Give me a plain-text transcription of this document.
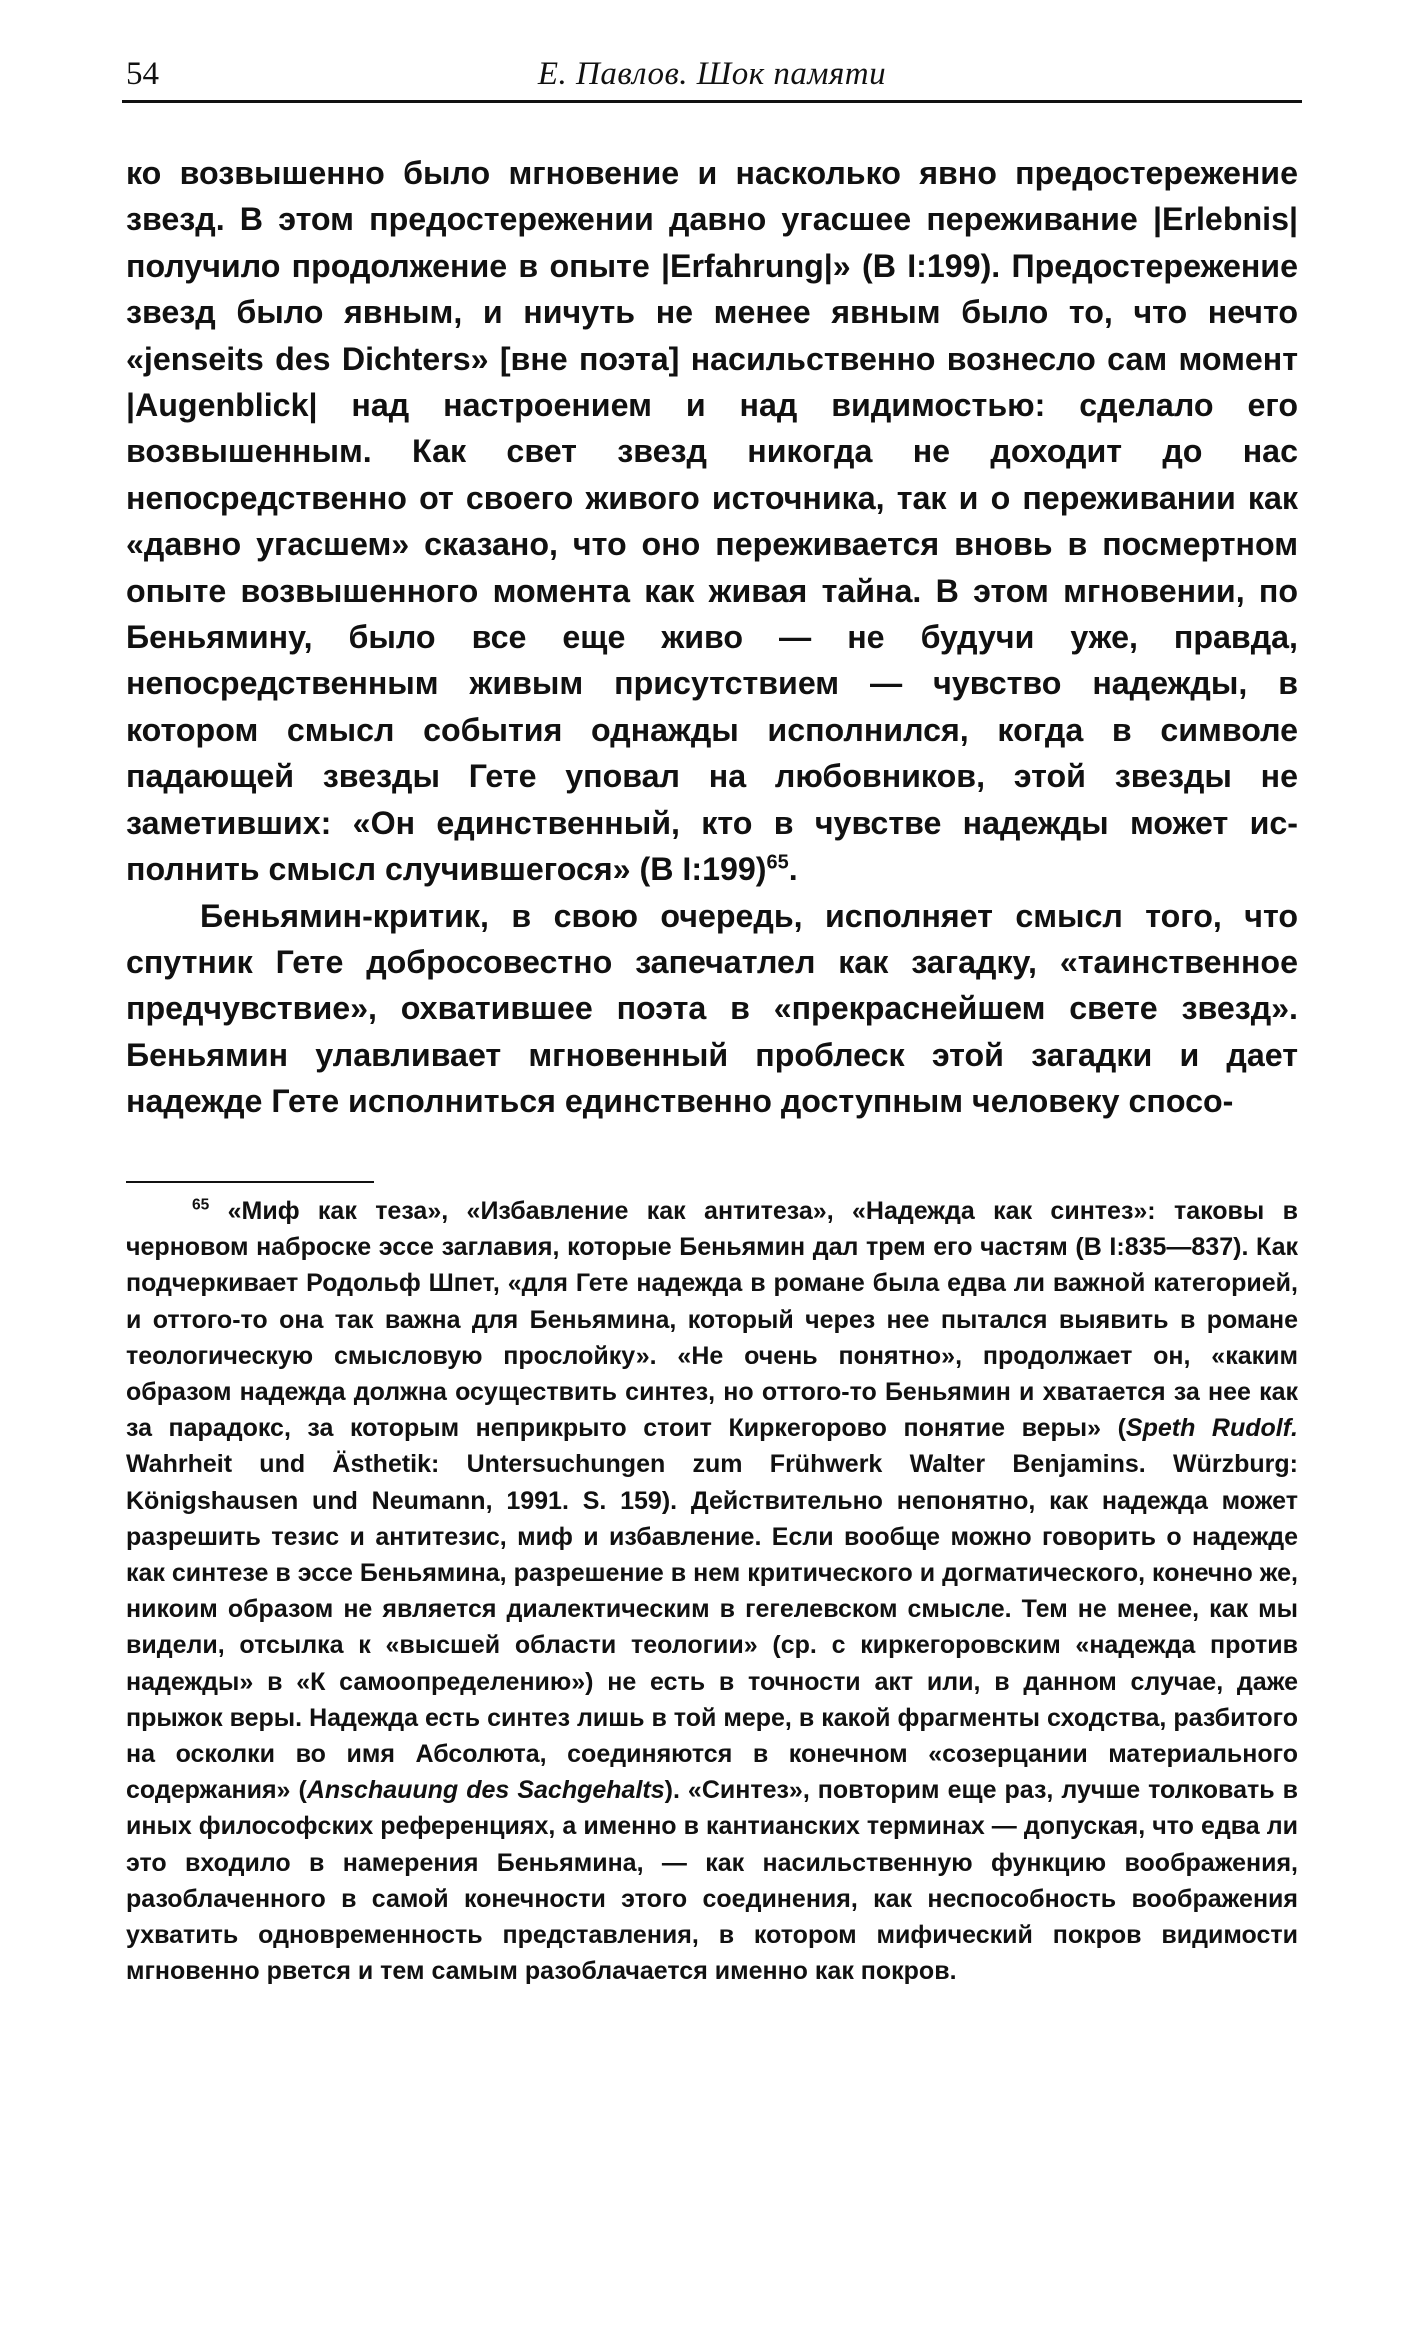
54	Е. Павлов. Шок памяти

ко возвышенно было мгновение и насколько явно предостережение звезд. В этом предостережении давно угасшее переживание |Erlebnis| получило продолжение в опыте |Erfahrung|» (В I:199). Предостережение звезд было явным, и ничуть не менее явным было то, что нечто «jenseits des Dichters» [вне поэта] насильственно вознесло сам момент |Augenblick| над настроением и над видимостью: сделало его возвышенным. Как свет звезд никогда не доходит до нас непосредственно от своего живого источника, так и о переживании как «давно угасшем» сказано, что оно переживается вновь в посмертном опыте возвышенного момента как живая тайна. В этом мгновении, по Беньямину, было все еще живо — не будучи уже, правда, непосредственным живым присутствием — чувство надежды, в котором смысл события однажды исполнился, когда в символе падающей звезды Гете уповал на любовников, этой звезды не заметивших: «Он единственный, кто в чувстве надежды может исполнить смысл случившегося» (В I:199)$^{65}$.

Беньямин-критик, в свою очередь, исполняет смысл того, что спутник Гете добросовестно запечатлел как загадку, «таинственное предчувствие», охватившее поэта в «прекраснейшем свете звезд». Беньямин улавливает мгновенный проблеск этой загадки и дает надежде Гете исполниться единственно доступным человеку спосо-

$^{65}$ «Миф как теза», «Избавление как антитеза», «Надежда как синтез»: таковы в черновом наброске эссе заглавия, которые Беньямин дал трем его частям (В I:835—837). Как подчеркивает Родольф Шпет, «для Гете надежда в романе была едва ли важной категорией, и оттого-то она так важна для Беньямина, который через нее пытался выявить в романе теологическую смысловую прослойку». «Не очень понятно», продолжает он, «каким образом надежда должна осуществить синтез, но оттого-то Беньямин и хватается за нее как за парадокс, за которым неприкрыто стоит Киркегорово понятие веры» (Speth Rudolf. Wahrheit und Ästhetik: Untersuchungen zum Frühwerk Walter Benjamins. Würzburg: Königshausen und Neumann, 1991. S. 159). Действительно непонятно, как надежда может разрешить тезис и антитезис, миф и избавление. Если вообще можно говорить о надежде как синтезе в эссе Беньямина, разрешение в нем критического и догматического, конечно же, никоим образом не является диалектическим в гегелевском смысле. Тем не менее, как мы видели, отсылка к «высшей области теологии» (ср. с киркегоровским «надежда против надежды» в «К самоопределению») не есть в точности акт или, в данном случае, даже прыжок веры. Надежда есть синтез лишь в той мере, в какой фрагменты сходства, разбитого на осколки во имя Абсолюта, соединяются в конечном «созерцании материального содержания» (Anschauung des Sachgehalts). «Синтез», повторим еще раз, лучше толковать в иных философских референциях, а именно в кантианских терминах — допуская, что едва ли это входило в намерения Беньямина, — как насильственную функцию воображения, разоблаченного в самой конечности этого соединения, как неспособность воображения ухватить одновременность представления, в котором мифический покров видимости мгновенно рвется и тем самым разоблачается именно как покров.
